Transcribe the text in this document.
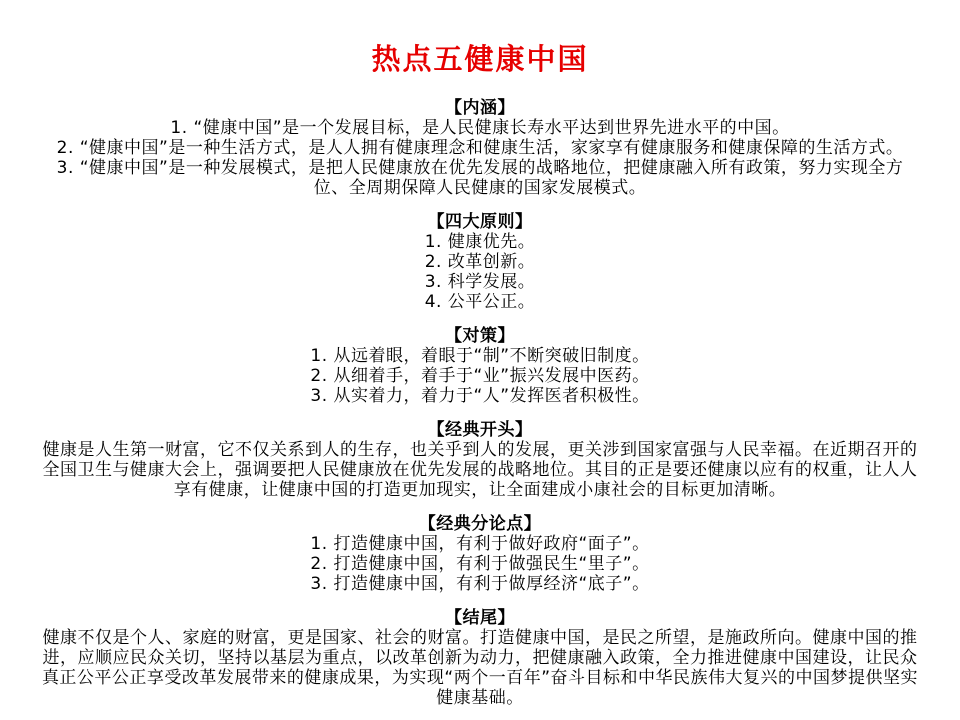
热点五健康中国

【内涵】

1. “健康中国”是一个发展目标，是人民健康长寿水平达到世界先进水平的中国。

2. “健康中国”是一种生活方式，是人人拥有健康理念和健康生活，家家享有健康服务和健康保障的生活方式。

3. “健康中国”是一种发展模式，是把人民健康放在优先发展的战略地位，把健康融入所有政策，努力实现全方位、全周期保障人民健康的国家发展模式。

【四大原则】

1. 健康优先。

2. 改革创新。

3. 科学发展。

4. 公平公正。

【对策】

1. 从远着眼，着眼于“制”不断突破旧制度。

2. 从细着手，着手于“业”振兴发展中医药。

3. 从实着力，着力于“人”发挥医者积极性。

【经典开头】

健康是人生第一财富，它不仅关系到人的生存，也关乎到人的发展，更关涉到国家富强与人民幸福。在近期召开的全国卫生与健康大会上，强调要把人民健康放在优先发展的战略地位。其目的正是要还健康以应有的权重，让人人享有健康，让健康中国的打造更加现实，让全面建成小康社会的目标更加清晰。

【经典分论点】

1. 打造健康中国，有利于做好政府“面子”。

2. 打造健康中国，有利于做强民生“里子”。

3. 打造健康中国，有利于做厚经济“底子”。

【结尾】

健康不仅是个人、家庭的财富，更是国家、社会的财富。打造健康中国，是民之所望，是施政所向。健康中国的推进，应顺应民众关切，坚持以基层为重点，以改革创新为动力，把健康融入政策，全力推进健康中国建设，让民众真正公平公正享受改革发展带来的健康成果，为实现“两个一百年”奋斗目标和中华民族伟大复兴的中国梦提供坚实健康基础。
